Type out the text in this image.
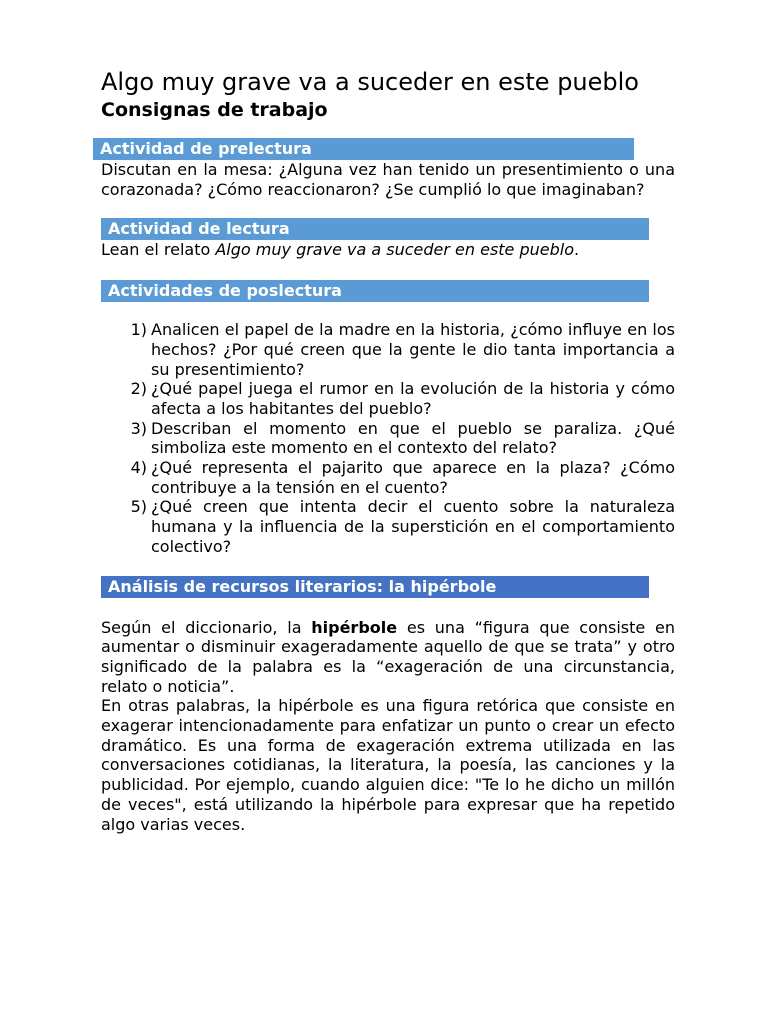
Algo muy grave va a suceder en este pueblo
Consignas de trabajo
Actividad de prelectura

Discutan en la mesa: ¿Alguna vez han tenido un presentimiento o una corazonada? ¿Cómo reaccionaron? ¿Se cumplió lo que imaginaban?

Actividad de lectura

Lean el relato Algo muy grave va a suceder en este pueblo.

Actividades de poslectura
1) Analicen el papel de la madre en la historia, ¿cómo influye en los hechos? ¿Por qué creen que la gente le dio tanta importancia a su presentimiento?
2) ¿Qué papel juega el rumor en la evolución de la historia y cómo afecta a los habitantes del pueblo?
3) Describan el momento en que el pueblo se paraliza. ¿Qué simboliza este momento en el contexto del relato?
4) ¿Qué representa el pajarito que aparece en la plaza? ¿Cómo contribuye a la tensión en el cuento?
5) ¿Qué creen que intenta decir el cuento sobre la naturaleza humana y la influencia de la superstición en el comportamiento colectivo?
Análisis de recursos literarios: la hipérbole

Según el diccionario, la hipérbole es una “figura que consiste en aumentar o disminuir exageradamente aquello de que se trata” y otro significado de la palabra es la “exageración de una circunstancia, relato o noticia”.

En otras palabras, la hipérbole es una figura retórica que consiste en exagerar intencionadamente para enfatizar un punto o crear un efecto dramático. Es una forma de exageración extrema utilizada en las conversaciones cotidianas, la literatura, la poesía, las canciones y la publicidad. Por ejemplo, cuando alguien dice: "Te lo he dicho un millón de veces", está utilizando la hipérbole para expresar que ha repetido algo varias veces.
